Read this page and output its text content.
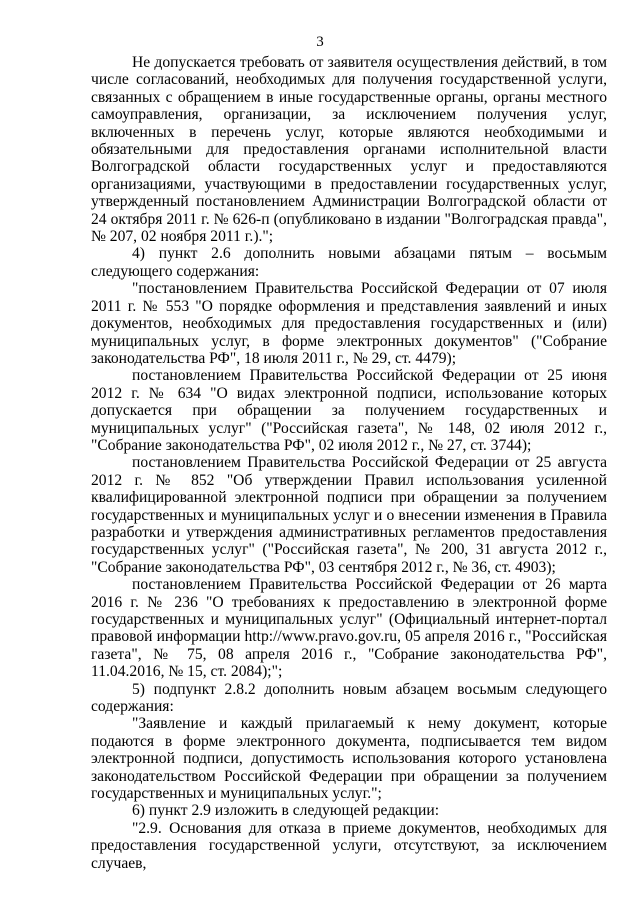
3

Не допускается требовать от заявителя осуществления действий, в том числе согласований, необходимых для получения государственной услуги, связанных с обращением в иные государственные органы, органы местного самоуправления, организации, за исключением получения услуг, включенных в перечень услуг, которые являются необходимыми и обязательными для предоставления органами исполнительной власти Волгоградской области государственных услуг и предоставляются организациями, участвующими в предоставлении государственных услуг, утвержденный постановлением Администрации Волгоградской области от 24 октября 2011 г. № 626-п (опубликовано в издании "Волгоградская правда", № 207, 02 ноября 2011 г.).";

4) пункт 2.6 дополнить новыми абзацами пятым – восьмым следующего содержания:

"постановлением Правительства Российской Федерации от 07 июля 2011 г. № 553 "О порядке оформления и представления заявлений и иных документов, необходимых для предоставления государственных и (или) муниципальных услуг, в форме электронных документов" ("Собрание законодательства РФ", 18 июля 2011 г., № 29, ст. 4479);

постановлением Правительства Российской Федерации от 25 июня 2012 г. № 634 "О видах электронной подписи, использование которых допускается при обращении за получением государственных и муниципальных услуг" ("Российская газета", № 148, 02 июля 2012 г., "Собрание законодательства РФ", 02 июля 2012 г., № 27, ст. 3744);

постановлением Правительства Российской Федерации от 25 августа 2012 г. № 852 "Об утверждении Правил использования усиленной квалифицированной электронной подписи при обращении за получением государственных и муниципальных услуг и о внесении изменения в Правила разработки и утверждения административных регламентов предоставления государственных услуг" ("Российская газета", № 200, 31 августа 2012 г., "Собрание законодательства РФ", 03 сентября 2012 г., № 36, ст. 4903);

постановлением Правительства Российской Федерации от 26 марта 2016 г. № 236 "О требованиях к предоставлению в электронной форме государственных и муниципальных услуг" (Официальный интернет-портал правовой информации http://www.pravo.gov.ru, 05 апреля 2016 г., "Российская газета", № 75, 08 апреля 2016 г., "Собрание законодательства РФ", 11.04.2016, № 15, ст. 2084);";

5) подпункт 2.8.2 дополнить новым абзацем восьмым следующего содержания:

"Заявление и каждый прилагаемый к нему документ, которые подаются в форме электронного документа, подписывается тем видом электронной подписи, допустимость использования которого установлена законодательством Российской Федерации при обращении за получением государственных и муниципальных услуг.";

6) пункт 2.9 изложить в следующей редакции:

"2.9. Основания для отказа в приеме документов, необходимых для предоставления государственной услуги, отсутствуют, за исключением случаев,
